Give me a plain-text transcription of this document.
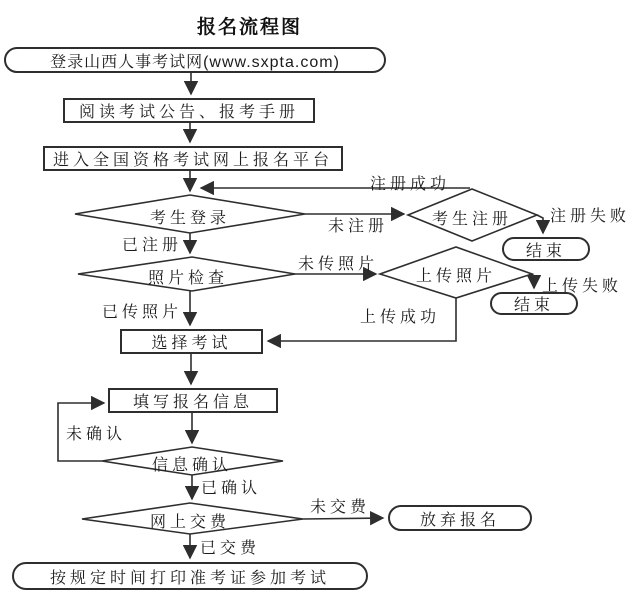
报名流程图
登录山西人事考试网(www.sxpta.com)
阅读考试公告、报考手册
进入全国资格考试网上报名平台
选择考试
填写报名信息
结束
结束
放弃报名
按规定时间打印准考证参加考试
考生登录	考生注册
照片检查	上传照片
信息确认
网上交费
注册成功
未注册
注册失败
已注册
未传照片
上传失败
上传成功
已传照片
未确认
已确认
未交费
已交费
